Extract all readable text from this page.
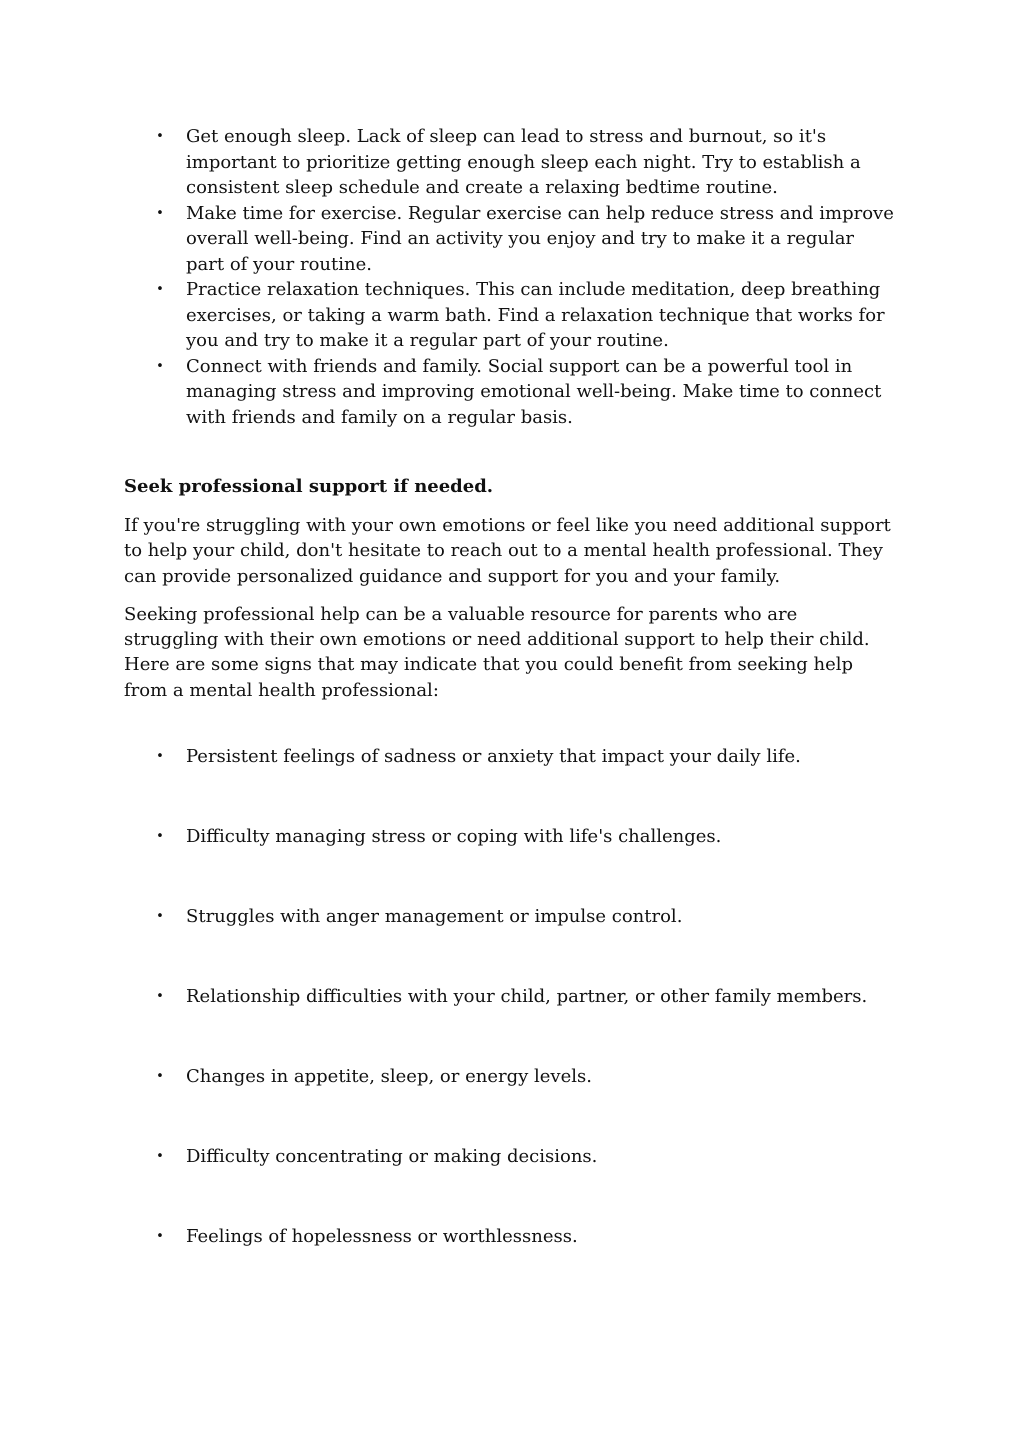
• Get enough sleep. Lack of sleep can lead to stress and burnout, so it's important to prioritize getting enough sleep each night. Try to establish a consistent sleep schedule and create a relaxing bedtime routine.
• Make time for exercise. Regular exercise can help reduce stress and improve overall well-being. Find an activity you enjoy and try to make it a regular part of your routine.
• Practice relaxation techniques. This can include meditation, deep breathing exercises, or taking a warm bath. Find a relaxation technique that works for you and try to make it a regular part of your routine.
• Connect with friends and family. Social support can be a powerful tool in managing stress and improving emotional well-being. Make time to connect with friends and family on a regular basis.
Seek professional support if needed.

If you're struggling with your own emotions or feel like you need additional support to help your child, don't hesitate to reach out to a mental health professional. They can provide personalized guidance and support for you and your family.

Seeking professional help can be a valuable resource for parents who are struggling with their own emotions or need additional support to help their child. Here are some signs that may indicate that you could benefit from seeking help from a mental health professional:

• Persistent feelings of sadness or anxiety that impact your daily life.
• Difficulty managing stress or coping with life's challenges.
• Struggles with anger management or impulse control.
• Relationship difficulties with your child, partner, or other family members.
• Changes in appetite, sleep, or energy levels.
• Difficulty concentrating or making decisions.
• Feelings of hopelessness or worthlessness.
